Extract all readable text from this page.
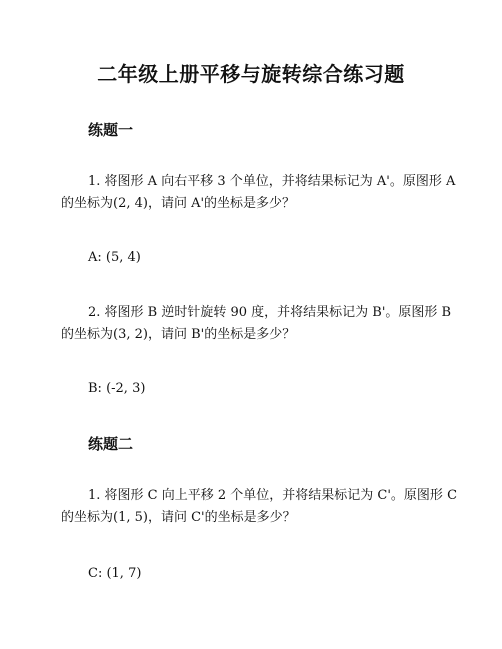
二年级上册平移与旋转综合练习题
练题一
1. 将图形 A 向右平移 3 个单位，并将结果标记为 A'。原图形 A
的坐标为(2, 4)，请问 A'的坐标是多少？
A: (5, 4)
2. 将图形 B 逆时针旋转 90 度，并将结果标记为 B'。原图形 B
的坐标为(3, 2)，请问 B'的坐标是多少？
B: (-2, 3)
练题二
1. 将图形 C 向上平移 2 个单位，并将结果标记为 C'。原图形 C
的坐标为(1, 5)，请问 C'的坐标是多少？
C: (1, 7)
